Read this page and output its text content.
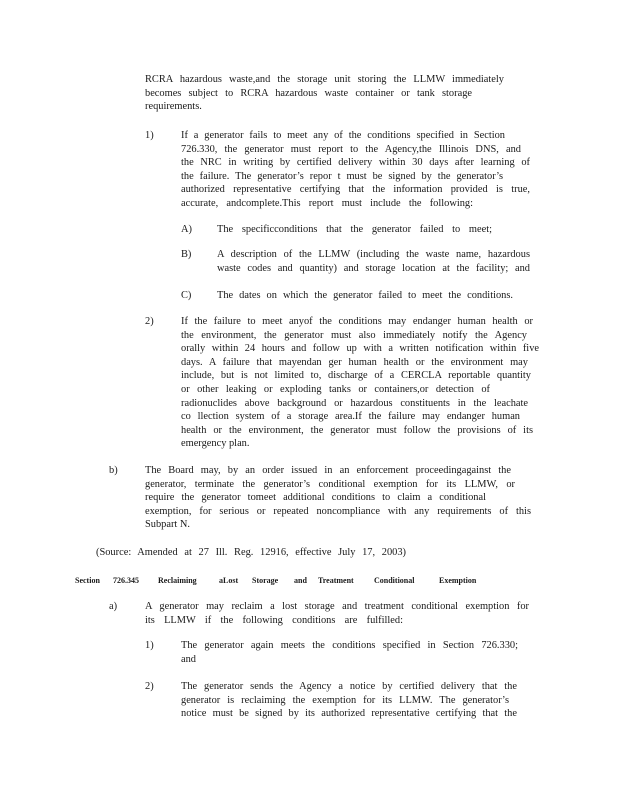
RCRA hazardous waste,and the storage unit storing the LLMW immediately
becomes subject to RCRA hazardous waste container or tank storage
requirements.
1)	If a generator fails to meet any of the conditions specified in Section
726.330, the generator must report to the Agency,the Illinois DNS, and
the NRC in writing by certified delivery within 30 days after learning of
the failure. The generator’s repor t must be signed by the generator’s
authorized representative certifying that the information provided is true,
accurate, andcomplete.This report must include the following:
A) The specificconditions that the generator failed to meet;
B) A description of the LLMW (including the waste name, hazardous
waste codes and quantity) and storage location at the facility; and
C) The dates on which the generator failed to meet the conditions.
2)	If the failure to meet anyof the conditions may endanger human health or
the environment, the generator must also immediately notify the Agency
orally within 24 hours and follow up with a written notification within five
days. A failure that mayendan ger human health or the environment may
include, but is not limited to, discharge of a CERCLA reportable quantity
or other leaking or exploding tanks or containers,or detection of
radionuclides above background or hazardous constituents in the leachate
co llection system of a storage area.If the failure may endanger human
health or the environment, the generator must follow the provisions of its
emergency plan.
b)	The Board may, by an order issued in an enforcement proceedingagainst the
generator, terminate the generator’s conditional exemption for its LLMW, or
require the generator tomeet additional conditions to claim a conditional
exemption, for serious or repeated noncompliance with any requirements of this
Subpart N.
(Source: Amended at 27 Ill. Reg. 12916, effective July 17, 2003)
Section 726.345 Reclaiming	aLost Storage and Treatment	Conditional	Exemption
a)	A generator may reclaim a lost storage and treatment conditional exemption for
its LLMW if the following conditions are fulfilled:
1)	The generator again meets the conditions specified in Section 726.330;
and
2)	The generator sends the Agency a notice by certified delivery that the
generator is reclaiming the exemption for its LLMW. The generator’s
notice must be signed by its authorized representative certifying that the
